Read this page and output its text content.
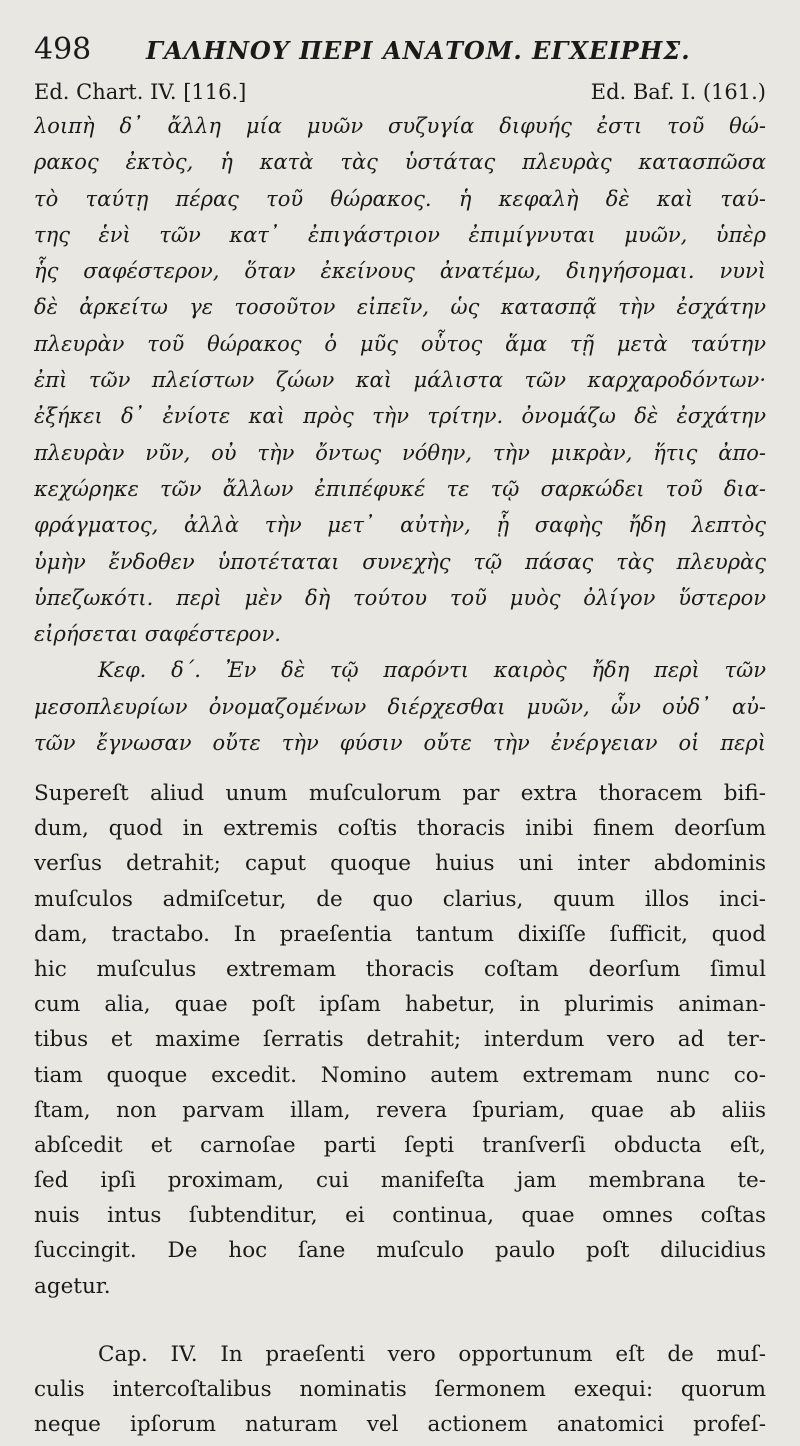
498 ΓΑΛΗΝΟΥ ΠΕΡΙ ΑΝΑΤΟΜ. ΕΓΧΕΙΡΗΣ.
Ed. Chart. IV. [116.]	Ed. Baf. I. (161.)
λοιπὴ δ᾽ ἄλλη μία μυῶν συζυγία διφυής ἐστι τοῦ θώ-
ρακος ἐκτὸς, ἡ κατὰ τὰς ὑστάτας πλευρὰς κατασπῶσα
τὸ ταύτῃ πέρας τοῦ θώρακος. ἡ κεφαλὴ δὲ καὶ ταύ-
της ἑνὶ τῶν κατ᾽ ἐπιγάστριον ἐπιμίγνυται μυῶν, ὑπὲρ
ἧς σαφέστερον, ὅταν ἐκείνους ἀνατέμω, διηγήσομαι. νυνὶ
δὲ ἀρκείτω γε τοσοῦτον εἰπεῖν, ὡς κατασπᾷ τὴν ἐσχάτην
πλευρὰν τοῦ θώρακος ὁ μῦς οὗτος ἅμα τῇ μετὰ ταύτην
ἐπὶ τῶν πλείστων ζώων καὶ μάλιστα τῶν καρχαροδόντων·
ἐξήκει δ᾽ ἐνίοτε καὶ πρὸς τὴν τρίτην. ὀνομάζω δὲ ἐσχάτην
πλευρὰν νῦν, οὐ τὴν ὄντως νόθην, τὴν μικρὰν, ἥτις ἀπο-
κεχώρηκε τῶν ἄλλων ἐπιπέφυκέ τε τῷ σαρκώδει τοῦ δια-
φράγματος, ἀλλὰ τὴν μετ᾽ αὐτὴν, ᾗ σαφὴς ἤδη λεπτὸς
ὑμὴν ἔνδοθεν ὑποτέταται συνεχὴς τῷ πάσας τὰς πλευρὰς
ὑπεζωκότι. περὶ μὲν δὴ τούτου τοῦ μυὸς ὀλίγον ὕστερον
εἰρήσεται σαφέστερον.
Κεφ. δ΄. Ἐν δὲ τῷ παρόντι καιρὸς ἤδη περὶ τῶν
μεσοπλευρίων ὀνομαζομένων διέρχεσθαι μυῶν, ὧν οὐδ᾽ αὐ-
τῶν ἔγνωσαν οὔτε τὴν φύσιν οὔτε τὴν ἐνέργειαν οἱ περὶ
Supereſt aliud unum muſculorum par extra thoracem bifi-
dum, quod in extremis coſtis thoracis inibi finem deorſum
verſus detrahit; caput quoque huius uni inter abdominis
muſculos admiſcetur, de quo clarius, quum illos inci-
dam, tractabo. In praeſentia tantum dixiſſe ſufficit, quod
hic muſculus extremam thoracis coſtam deorſum ſimul
cum alia, quae poſt ipſam habetur, in plurimis animan-
tibus et maxime ſerratis detrahit; interdum vero ad ter-
tiam quoque excedit. Nomino autem extremam nunc co-
ſtam, non parvam illam, revera ſpuriam, quae ab aliis
abſcedit et carnoſae parti ſepti tranſverſi obducta eſt,
ſed ipſi proximam, cui manifeſta jam membrana te-
nuis intus ſubtenditur, ei continua, quae omnes coſtas
ſuccingit. De hoc ſane muſculo paulo poſt dilucidius
agetur.
Cap. IV. In praeſenti vero opportunum eſt de muſ-
culis intercoſtalibus nominatis ſermonem exequi: quorum
neque ipſorum naturam vel actionem anatomici profeſ-
